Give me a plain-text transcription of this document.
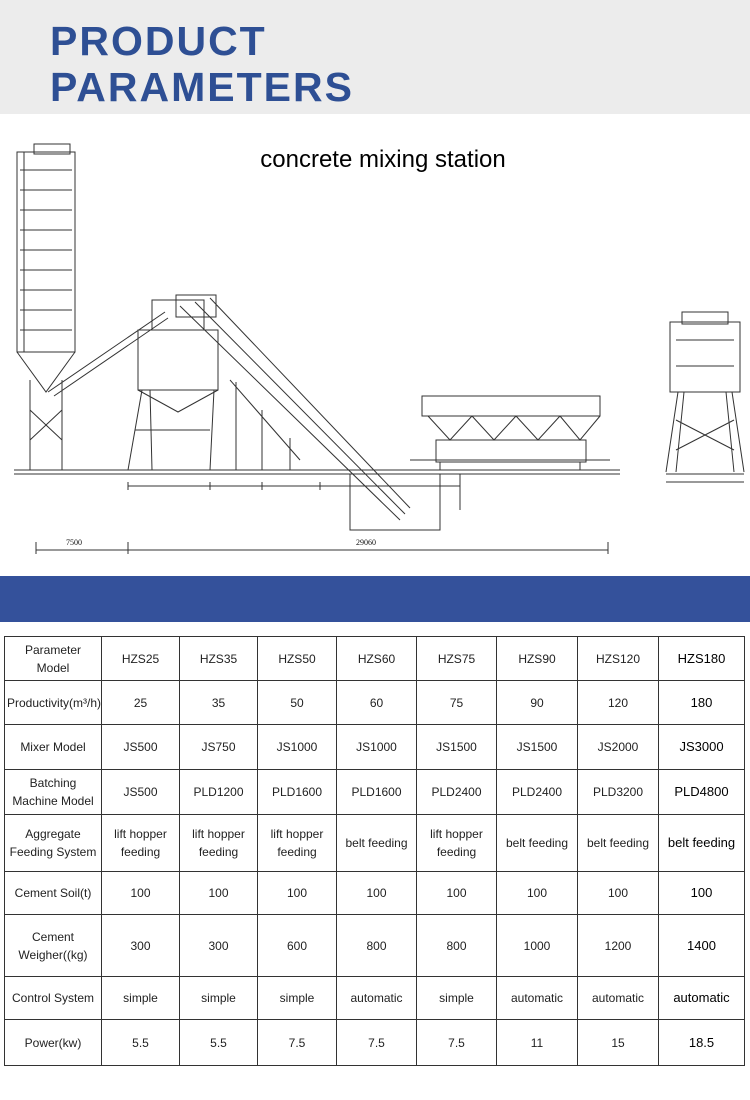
PRODUCT
PARAMETERS
concrete mixing station
7500	29060
Parameter Model	HZS25	HZS35	HZS50	HZS60	HZS75	HZS90	HZS120	HZS180
Productivity(m³/h)	25	35	50	60	75	90	120	180
Mixer Model	JS500	JS750	JS1000	JS1000	JS1500	JS1500	JS2000	JS3000
Batching Machine Model	JS500	PLD1200	PLD1600	PLD1600	PLD2400	PLD2400	PLD3200	PLD4800
Aggregate Feeding System	lift hopper feeding	lift hopper feeding	lift hopper feeding	belt feeding	lift hopper feeding	belt feeding	belt feeding	belt feeding
Cement Soil(t)	100	100	100	100	100	100	100	100
Cement Weigher((kg)	300	300	600	800	800	1000	1200	1400
Control System	simple	simple	simple	automatic	simple	automatic	automatic	automatic
Power(kw)	5.5	5.5	7.5	7.5	7.5	11	15	18.5
